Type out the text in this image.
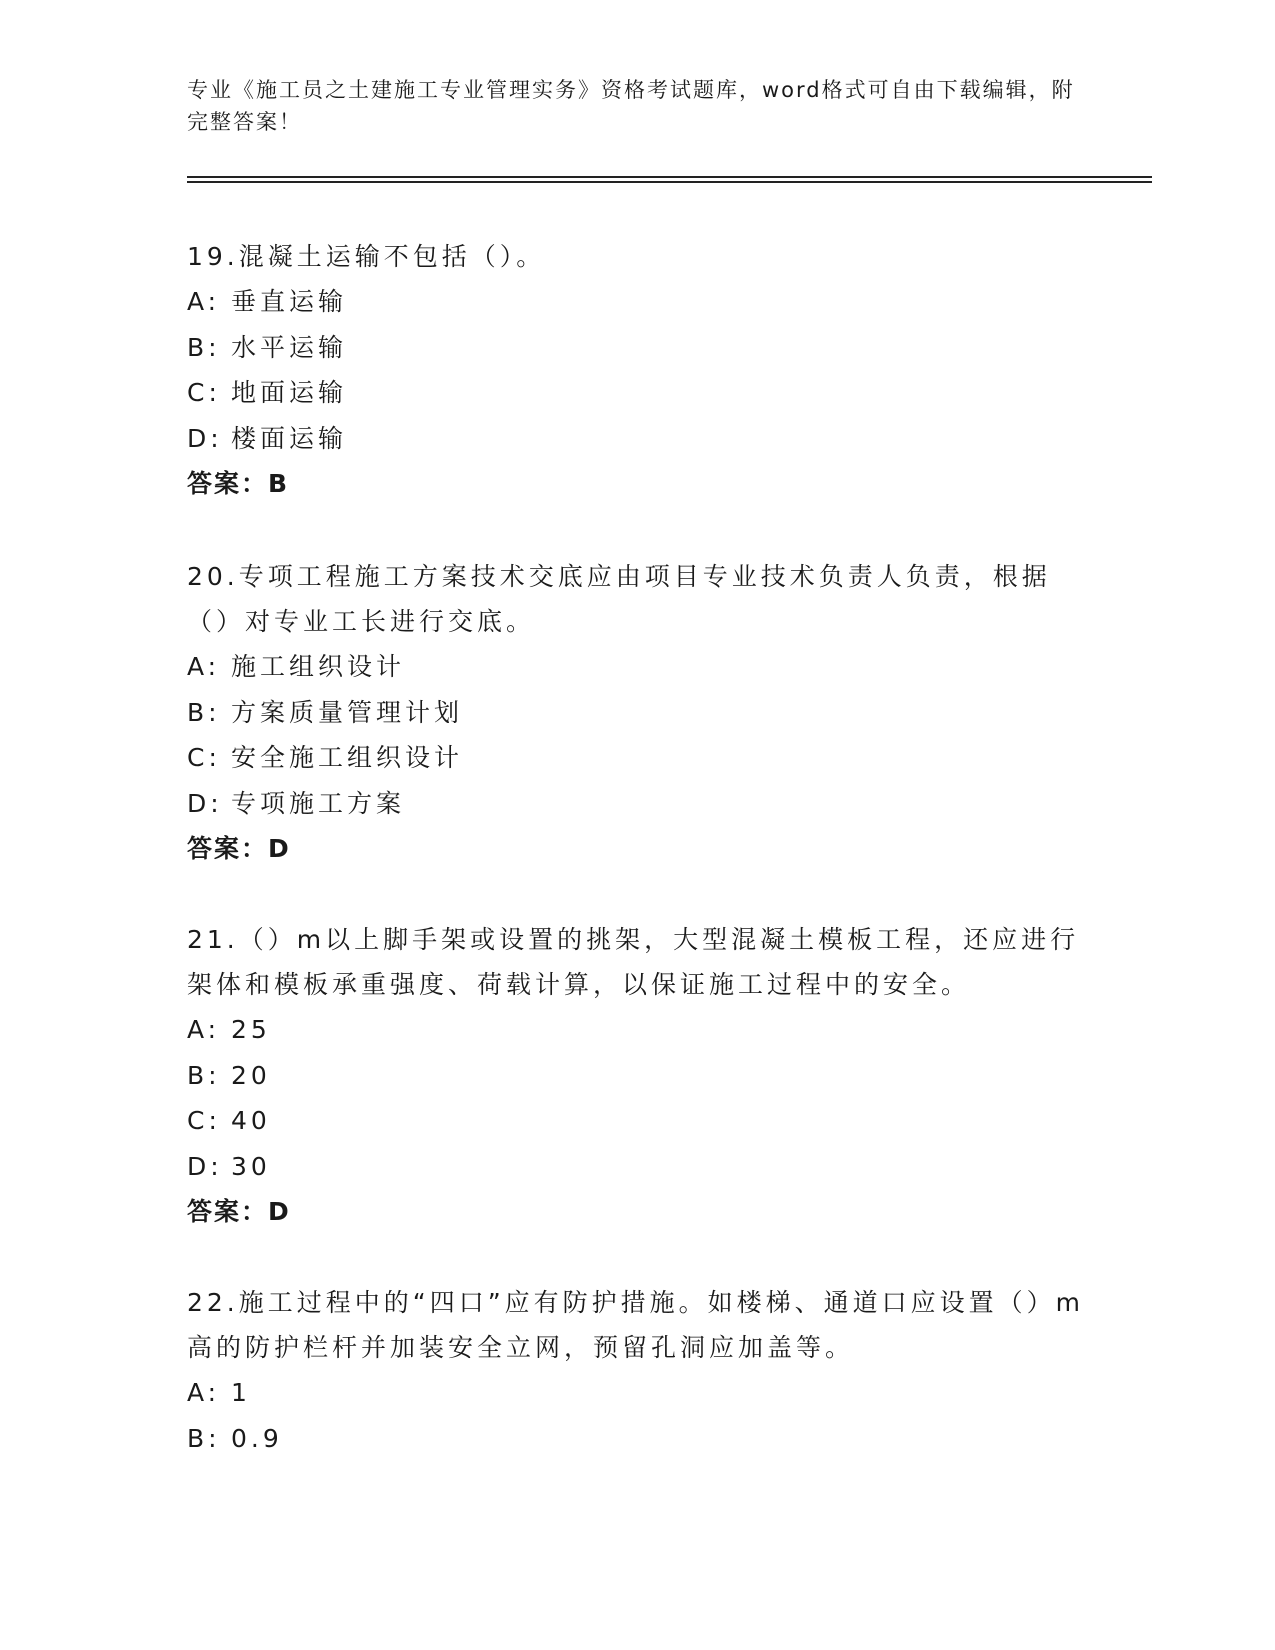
专业《施工员之土建施工专业管理实务》资格考试题库，word格式可自由下载编辑，附完整答案！

19.混凝土运输不包括（）。

A: 垂直运输

B: 水平运输

C: 地面运输

D: 楼面运输

答案：B

20.专项工程施工方案技术交底应由项目专业技术负责人负责，根据（）对专业工长进行交底。

A: 施工组织设计

B: 方案质量管理计划

C: 安全施工组织设计

D: 专项施工方案

答案：D

21.（）m以上脚手架或设置的挑架，大型混凝土模板工程，还应进行架体和模板承重强度、荷载计算，以保证施工过程中的安全。

A: 25

B: 20

C: 40

D: 30

答案：D

22.施工过程中的“四口”应有防护措施。如楼梯、通道口应设置（）m高的防护栏杆并加装安全立网，预留孔洞应加盖等。

A: 1

B: 0.9
